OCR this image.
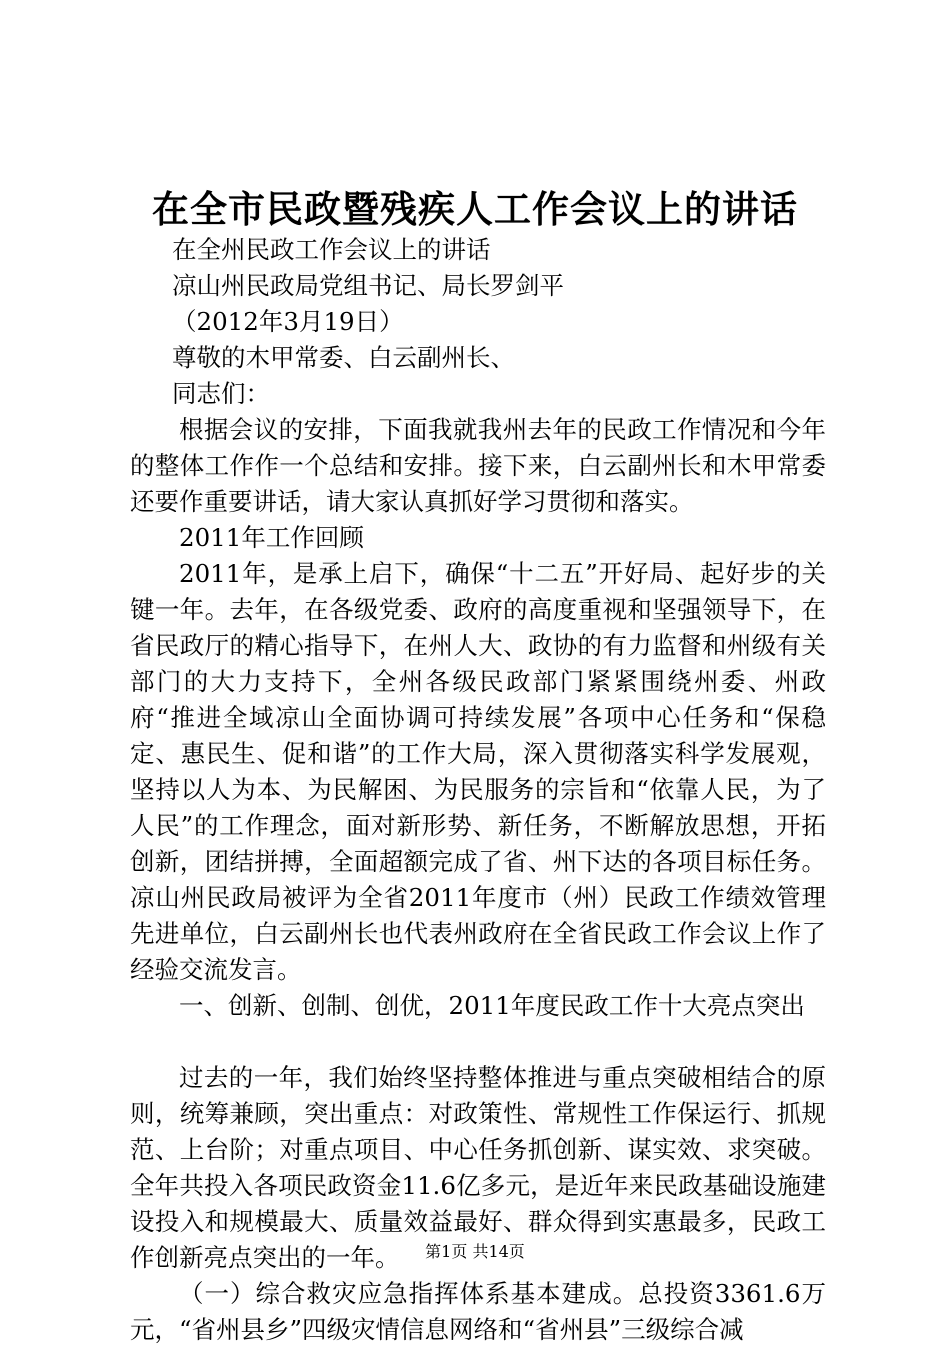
在全市民政暨残疾人工作会议上的讲话

在全州民政工作会议上的讲话

凉山州民政局党组书记、局长罗剑平

（2012年3月19日）

尊敬的木甲常委、白云副州长、

同志们：

根据会议的安排，下面我就我州去年的民政工作情况和今年的整体工作作一个总结和安排。接下来，白云副州长和木甲常委还要作重要讲话，请大家认真抓好学习贯彻和落实。

2011年工作回顾

2011年，是承上启下，确保“十二五”开好局、起好步的关键一年。去年，在各级党委、政府的高度重视和坚强领导下，在省民政厅的精心指导下，在州人大、政协的有力监督和州级有关部门的大力支持下，全州各级民政部门紧紧围绕州委、州政府“推进全域凉山全面协调可持续发展”各项中心任务和“保稳定、惠民生、促和谐”的工作大局，深入贯彻落实科学发展观，坚持以人为本、为民解困、为民服务的宗旨和“依靠人民，为了人民”的工作理念，面对新形势、新任务，不断解放思想，开拓创新，团结拼搏，全面超额完成了省、州下达的各项目标任务。凉山州民政局被评为全省2011年度市（州）民政工作绩效管理先进单位，白云副州长也代表州政府在全省民政工作会议上作了经验交流发言。

一、创新、创制、创优，2011年度民政工作十大亮点突出

过去的一年，我们始终坚持整体推进与重点突破相结合的原则，统筹兼顾，突出重点：对政策性、常规性工作保运行、抓规范、上台阶；对重点项目、中心任务抓创新、谋实效、求突破。全年共投入各项民政资金11.6亿多元，是近年来民政基础设施建设投入和规模最大、质量效益最好、群众得到实惠最多，民政工作创新亮点突出的一年。

（一）综合救灾应急指挥体系基本建成。总投资3361.6万元，“省州县乡”四级灾情信息网络和“省州县”三级综合减

第1页 共14页
